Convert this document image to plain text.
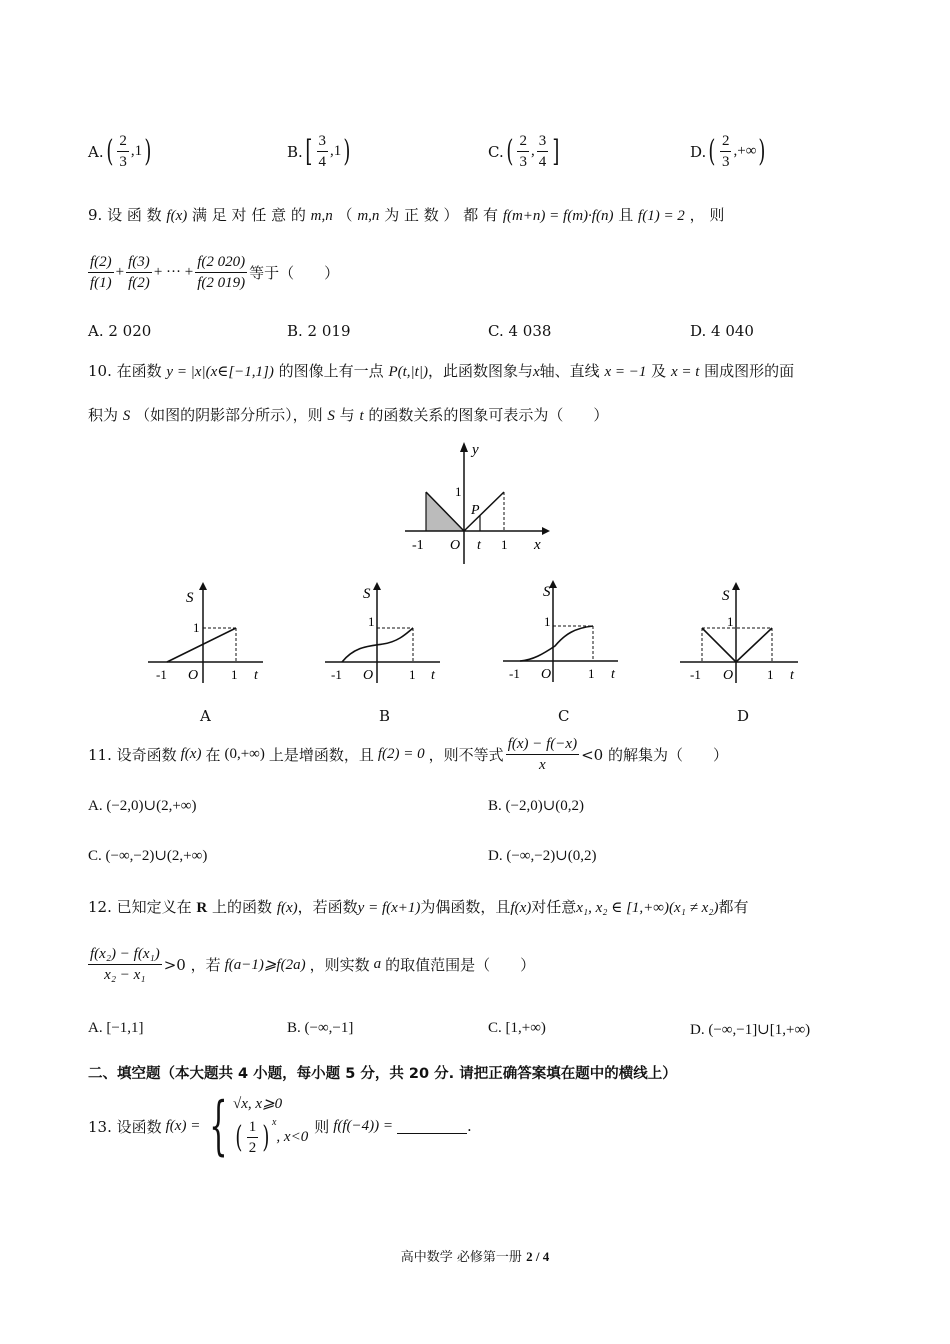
A. ( $\frac{2}{3} ,1$ )	B. [ $\frac{3}{4} ,1$ )	C. ( $\frac{2}{3}$ , $\frac{3}{4}$ ]	D. ( $\frac{2}{3}$ ,+∞ )
9. 设 函 数 f(x) 满 足 对 任 意 的 m,n （ m,n 为 正 数 ） 都 有 f(m+n) = f(m)·f(n) 且 f(1) = 2 ， 则
$\frac{f(2)}{f(1)} + \frac{f(3)}{f(2)}$ + ··· + $\frac{f(2 020)}{f(2 019)}$ 等于（　　）
A. 2 020	B. 2 019	C. 4 038	D. 4 040
10. 在函数 y = |x|(x∈[−1,1]) 的图像上有一点 P(t,|t|)，此函数图象与x轴、直线 x = −1 及 x = t 围成图形的面
积为 S （如图的阴影部分所示），则 S 与 t 的函数关系的图象可表示为（　　）
y
x
1
P
-1 O t 1
S
1
-1 O	1 t
S
1
-1 O	1 t
S
1
-1 O	1 t
S
1
-1 O	1 t
A	B	C	D
11. 设奇函数 f(x) 在 (0,+∞) 上是增函数，且 f(2) = 0 ，则不等式 $\frac{f(x) - f(-x)}{x} <0$ 的解集为（　　）
A. (−2,0)∪(2,+∞)	B. (−2,0)∪(0,2)
C. (−∞,−2)∪(2,+∞)	D. (−∞,−2)∪(0,2)
12. 已知定义在 R 上的函数 f(x)，若函数y = f(x+1)为偶函数，且f(x)对任意x₁, x₂ ∈ [1,+∞)(x₁ ≠ x₂)都有
$\frac{\text{f(x₂) − f(x₁)}}{\text{x₂ − x₁}} >0$ ，若 f(a−1)⩾f(2a) ，则实数 a 的取值范围是（　　）
A. [−1,1]	B. (−∞,−1]	C. [1,+∞)	D. (−∞,−1]∪[1,+∞)
二、填空题（本大题共 4 小题，每小题 5 分，共 20 分. 请把正确答案填在题中的横线上）
13. 设函数 f(x) = { √x, x⩾0
( $\frac{1}{2} )^x$
, x<0
则 f(f(−4)) =	.
高中数学 必修第一册 2 / 4
